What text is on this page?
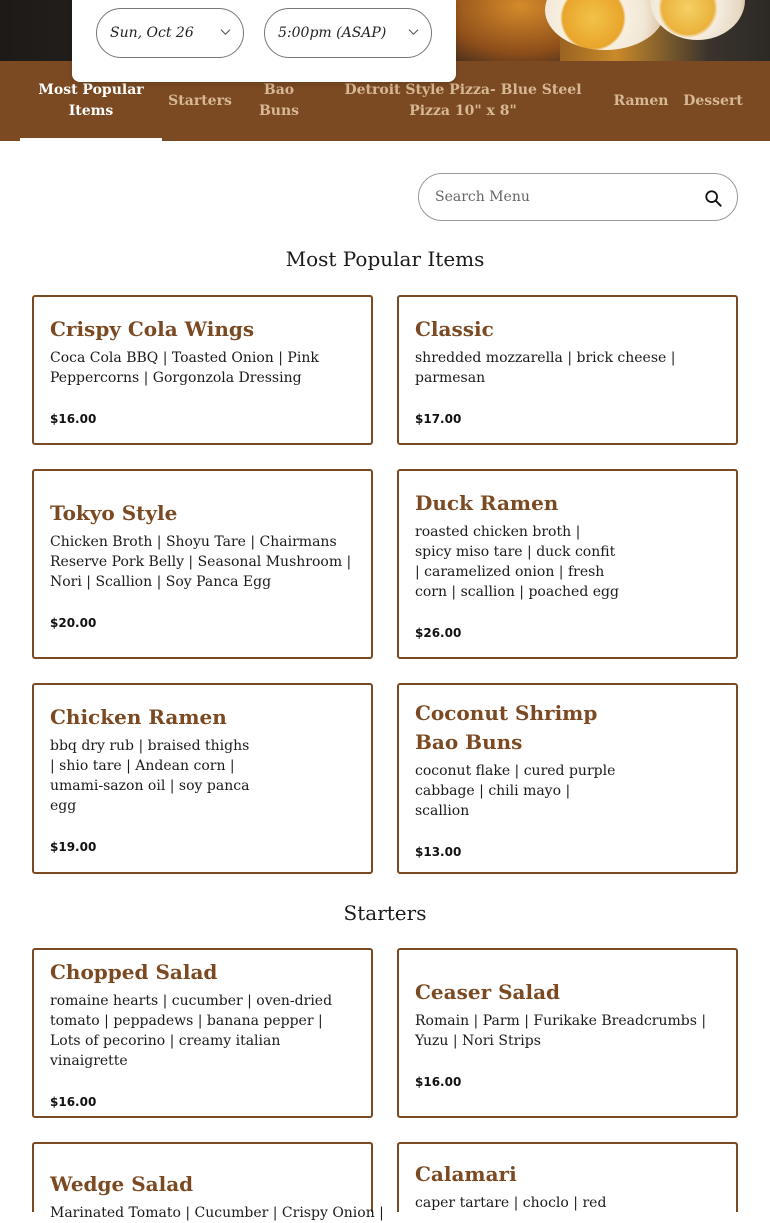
Sun, Oct 26	5:00pm (ASAP)
Most Popular Items
Starters
Bao Buns
Detroit Style Pizza- Blue Steel Pizza 10" x 8"
Ramen Dessert
Search Menu
Most Popular Items
Crispy Cola Wings
Coca Cola BBQ | Toasted Onion | Pink Peppercorns | Gorgonzola Dressing
$16.00
Classic
shredded mozzarella | brick cheese | parmesan
$17.00
Tokyo Style
Chicken Broth | Shoyu Tare | Chairmans Reserve Pork Belly | Seasonal Mushroom | Nori | Scallion | Soy Panca Egg
$20.00
Duck Ramen
roasted chicken broth | spicy miso tare | duck confit | caramelized onion | fresh corn | scallion | poached egg
$26.00
Chicken Ramen
bbq dry rub | braised thighs | shio tare | Andean corn | umami-sazon oil | soy panca egg
$19.00
Coconut Shrimp Bao Buns
coconut flake | cured purple cabbage | chili mayo | scallion
$13.00
Starters
Chopped Salad
romaine hearts | cucumber | oven-dried tomato | peppadews | banana pepper | Lots of pecorino | creamy italian vinaigrette
$16.00
Ceaser Salad
Romain | Parm | Furikake Breadcrumbs | Yuzu | Nori Strips
$16.00
Wedge Salad
Marinated Tomato | Cucumber | Crispy Onion |
Calamari
caper tartare | choclo | red
